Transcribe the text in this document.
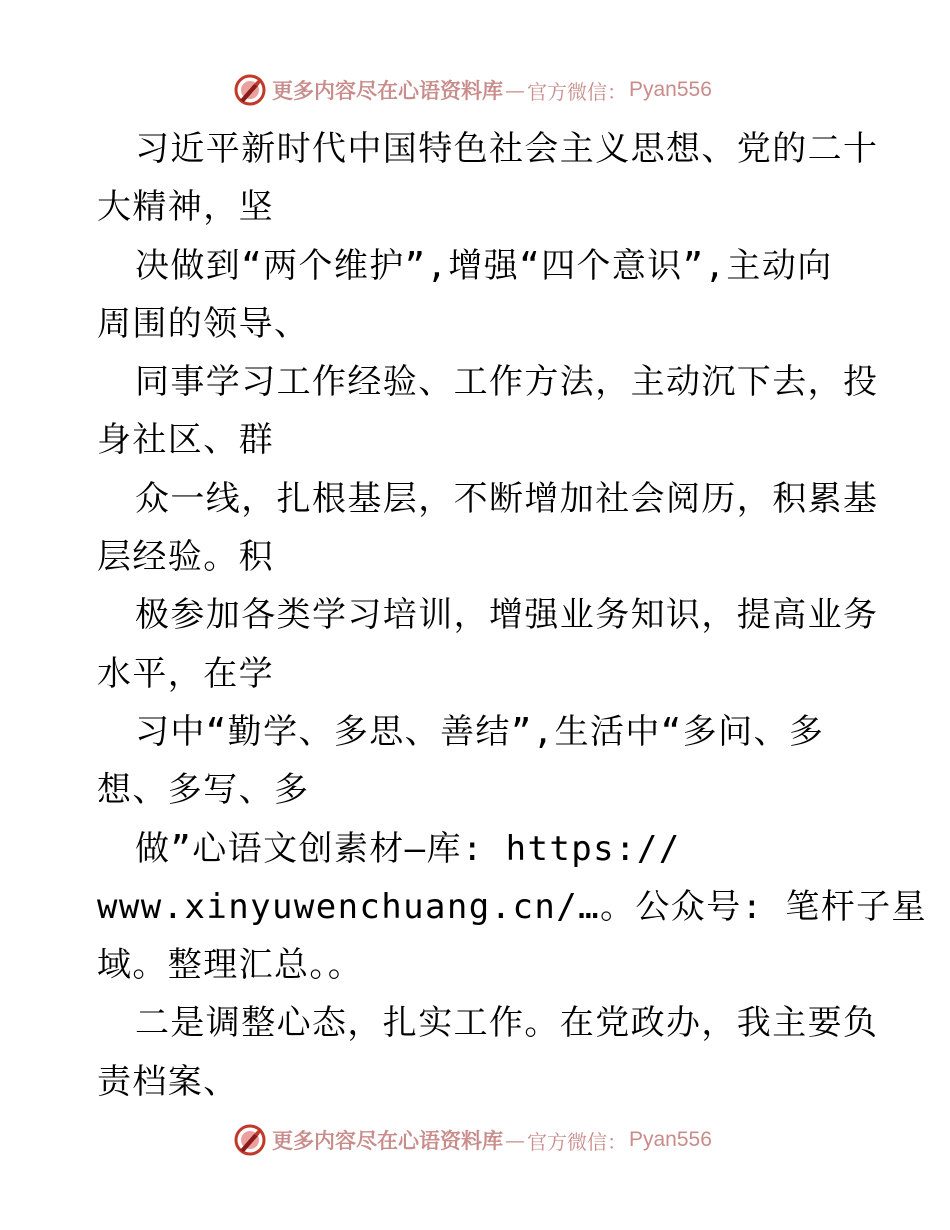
更多内容尽在心语资料库 — 官方微信： Pyan556
习近平新时代中国特色社会主义思想、党的二十
大精神，坚
决做到“两个维护”,增强“四个意识”,主动向
周围的领导、
同事学习工作经验、工作方法，主动沉下去，投
身社区、群
众一线，扎根基层，不断增加社会阅历，积累基
层经验。积
极参加各类学习培训，增强业务知识，提高业务
水平，在学
习中“勤学、多思、善结”,生活中“多问、多
想、多写、多
做”心语文创素材—库: https://
www.xinyuwenchuang.cn/…。公众号: 笔杆子星
域。整理汇总。。
二是调整心态，扎实工作。在党政办，我主要负
责档案、
更多内容尽在心语资料库 — 官方微信： Pyan556
